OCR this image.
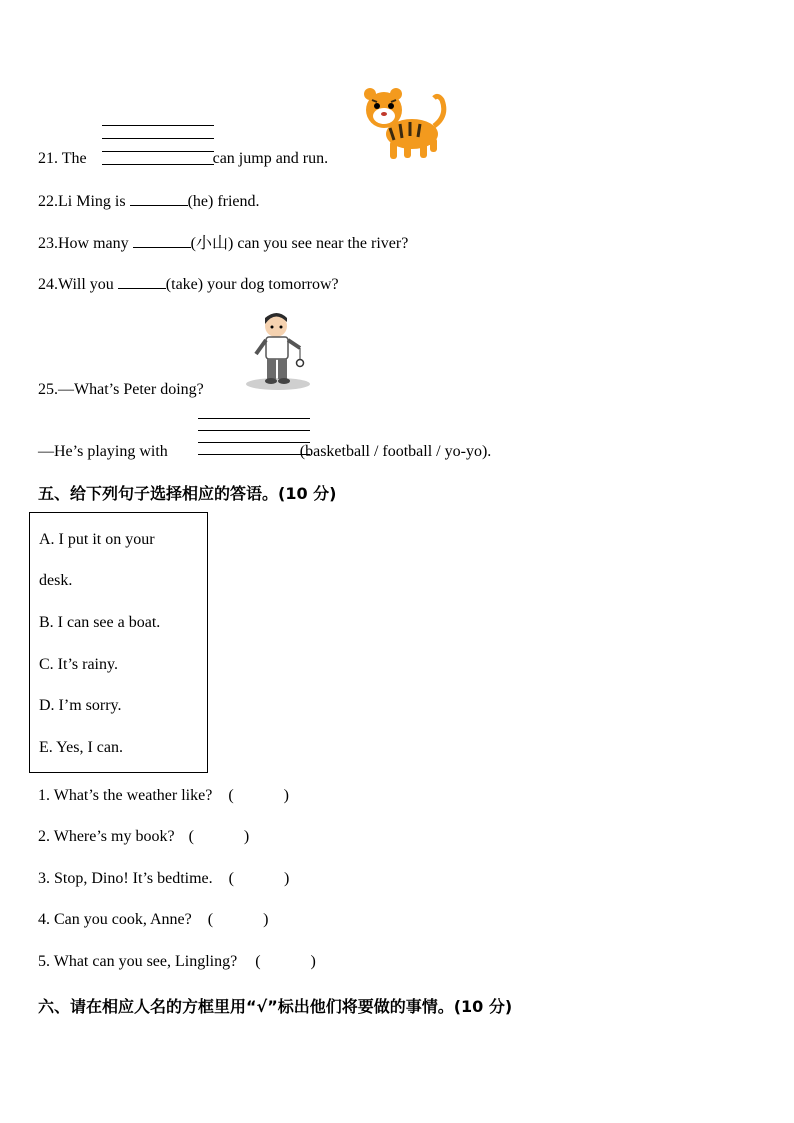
21. The	can jump and run.
22.Li Ming is	(he) friend.
23.How many	(小山) can you see near the river?
24.Will you	(take) your dog tomorrow?
25.—What’s Peter doing?
—He’s playing with	(basketball / football / yo-yo).
五、给下列句子选择相应的答语。(10 分)
A. I put it on your
desk.
B. I can see a boat.
C. It’s rainy.
D. I’m sorry.
E. Yes, I can.
1. What’s the weather like? (	)
2. Where’s my book? (	)
3. Stop, Dino! It’s bedtime. (	)
4. Can you cook, Anne? (	)
5. What can you see, Lingling? (	)
六、请在相应人名的方框里用“√”标出他们将要做的事情。(10 分)
